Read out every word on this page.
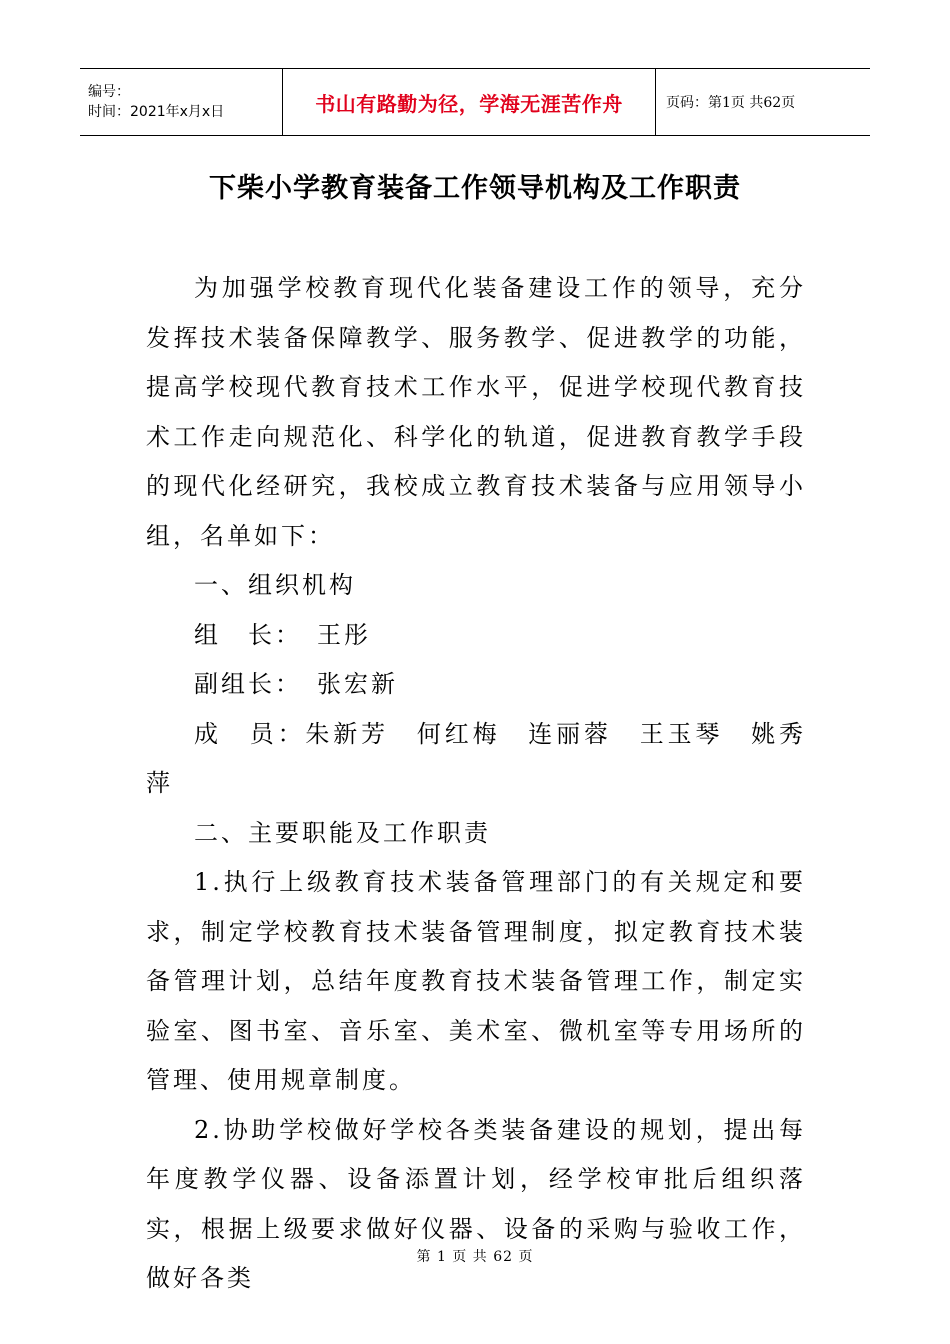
编号：
时间：2021年x月x日	书山有路勤为径，学海无涯苦作舟	页码：第1页 共62页
下柴小学教育装备工作领导机构及工作职责

为加强学校教育现代化装备建设工作的领导，充分发挥技术装备保障教学、服务教学、促进教学的功能，提高学校现代教育技术工作水平，促进学校现代教育技术工作走向规范化、科学化的轨道，促进教育教学手段的现代化经研究，我校成立教育技术装备与应用领导小组，名单如下：

一、组织机构

组　长：　王彤

副组长：　张宏新

成　员：朱新芳　何红梅　连丽蓉　王玉琴　姚秀萍

二、主要职能及工作职责

1.执行上级教育技术装备管理部门的有关规定和要求，制定学校教育技术装备管理制度，拟定教育技术装备管理计划，总结年度教育技术装备管理工作，制定实验室、图书室、音乐室、美术室、微机室等专用场所的管理、使用规章制度。

2.协助学校做好学校各类装备建设的规划，提出每年度教学仪器、设备添置计划，经学校审批后组织落实，根据上级要求做好仪器、设备的采购与验收工作，做好各类

第 1 页 共 62 页
